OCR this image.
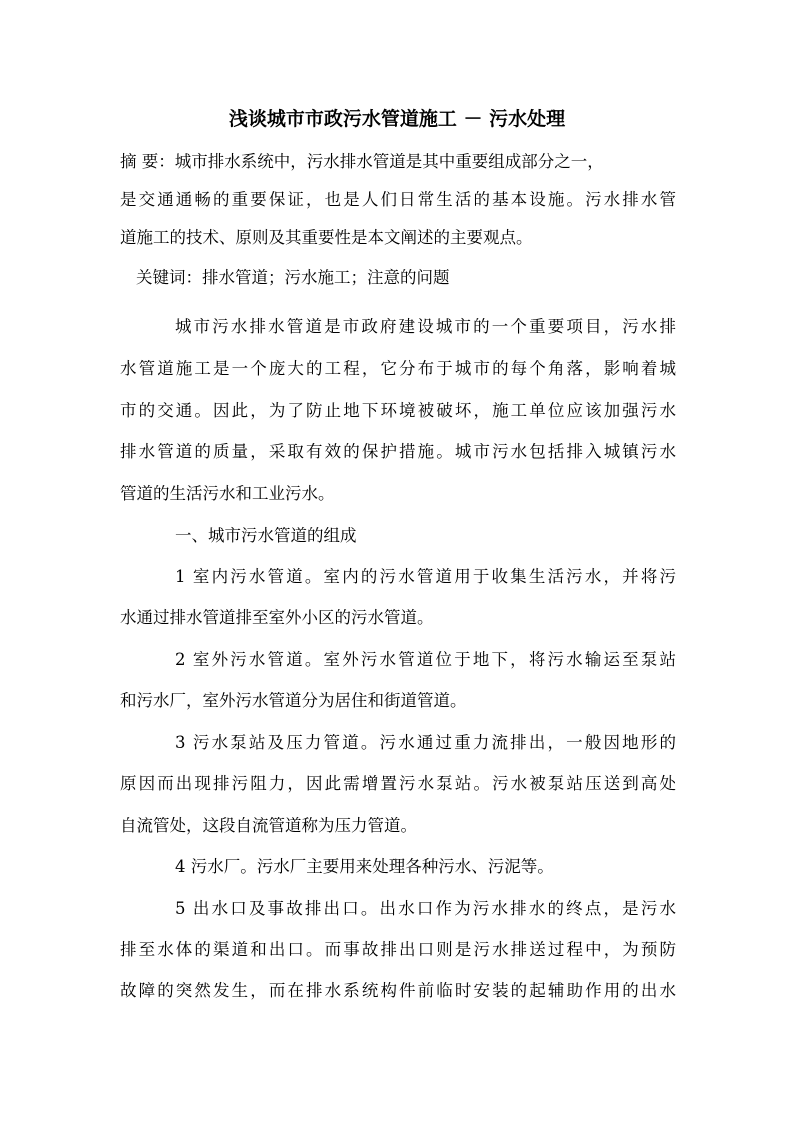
浅谈城市市政污水管道施工 － 污水处理
摘 要：城市排水系统中，污水排水管道是其中重要组成部分之一，
是交通通畅的重要保证，也是人们日常生活的基本设施。污水排水管
道施工的技术、原则及其重要性是本文阐述的主要观点。
关键词：排水管道；污水施工；注意的问题
城市污水排水管道是市政府建设城市的一个重要项目，污水排
水管道施工是一个庞大的工程，它分布于城市的每个角落，影响着城
市的交通。因此，为了防止地下环境被破坏，施工单位应该加强污水
排水管道的质量，采取有效的保护措施。城市污水包括排入城镇污水
管道的生活污水和工业污水。
一、城市污水管道的组成
1 室内污水管道。室内的污水管道用于收集生活污水，并将污
水通过排水管道排至室外小区的污水管道。
2 室外污水管道。室外污水管道位于地下，将污水输运至泵站
和污水厂，室外污水管道分为居住和街道管道。
3 污水泵站及压力管道。污水通过重力流排出，一般因地形的
原因而出现排污阻力，因此需增置污水泵站。污水被泵站压送到高处
自流管处，这段自流管道称为压力管道。
4 污水厂。污水厂主要用来处理各种污水、污泥等。
5 出水口及事故排出口。出水口作为污水排水的终点，是污水
排至水体的渠道和出口。而事故排出口则是污水排送过程中，为预防
故障的突然发生，而在排水系统构件前临时安装的起辅助作用的出水
